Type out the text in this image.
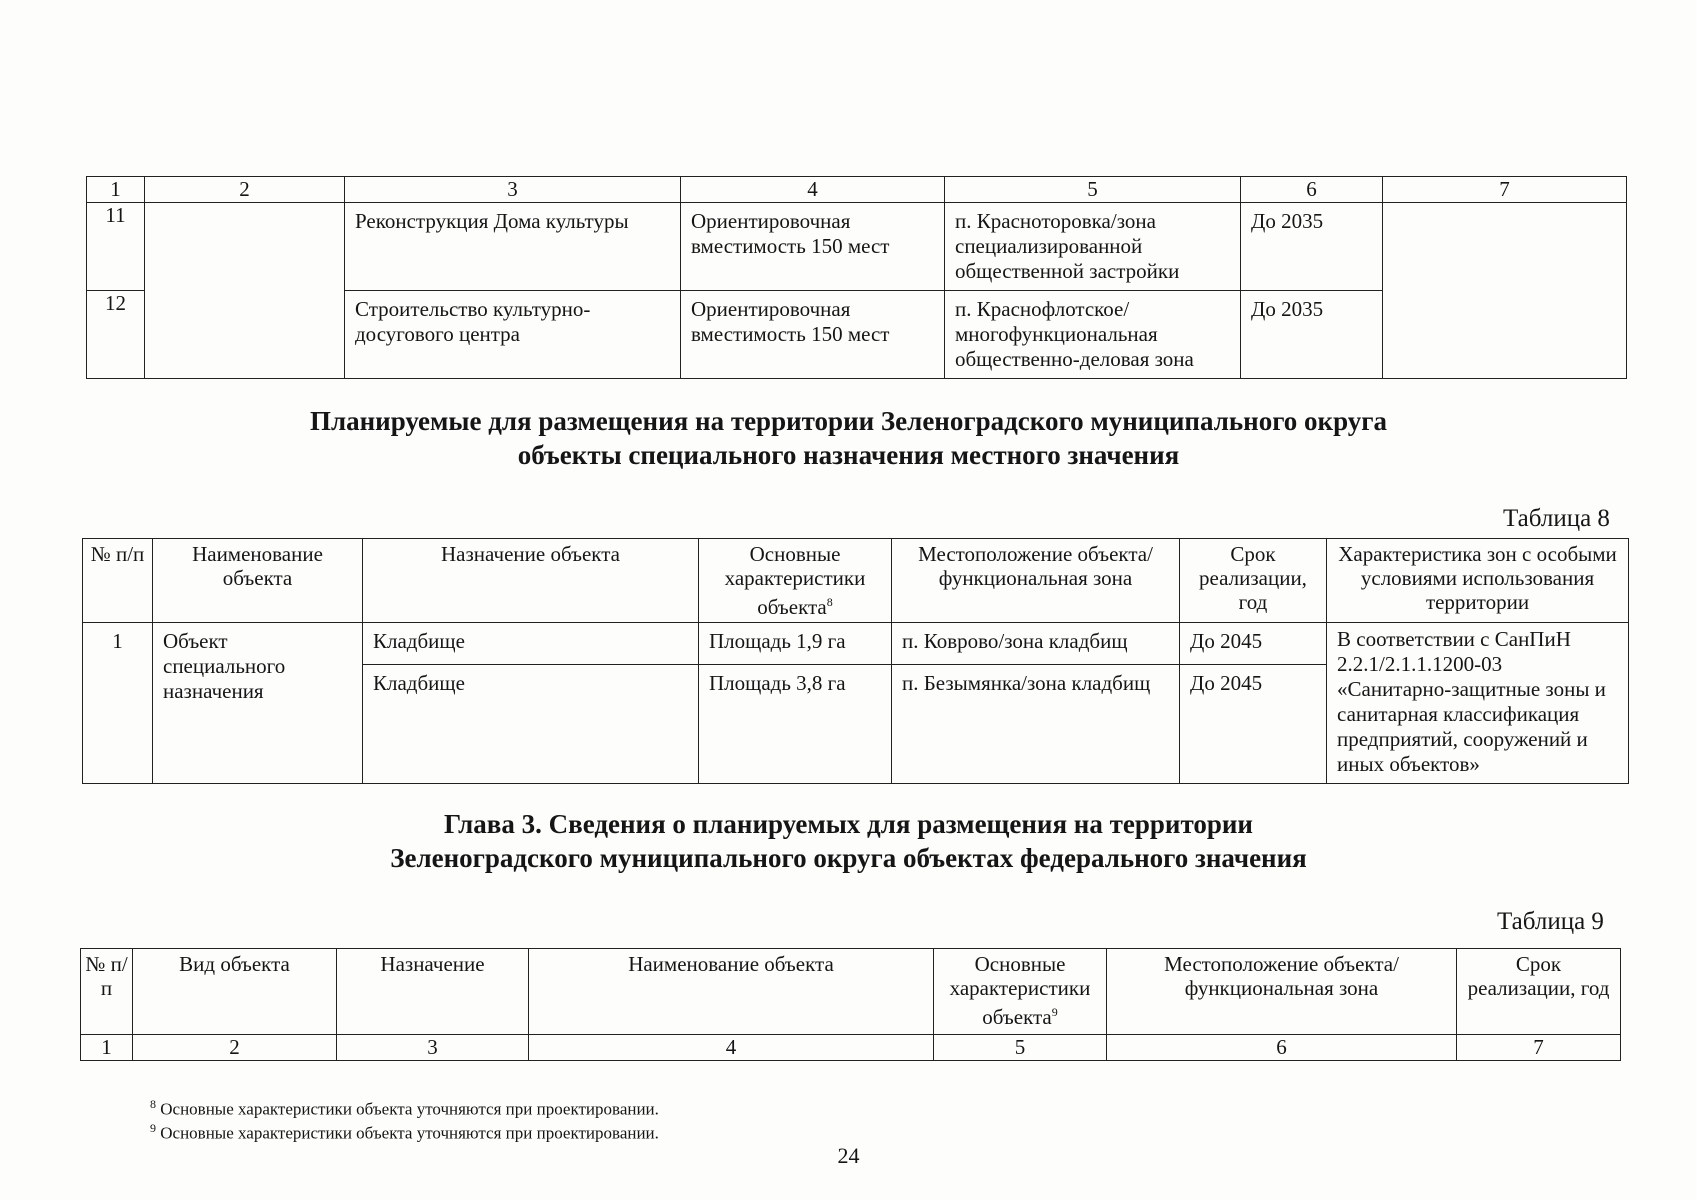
1	2	3	4	5	6	7
11		Реконструкция Дома культуры	Ориентировочная вместимость 150 мест	п. Красноторовка/зона специализированной общественной застройки	До 2035	
12		Строительство культурно-досугового центра	Ориентировочная вместимость 150 мест	п. Краснофлотское/ многофункциональная общественно-деловая зона	До 2035	
Планируемые для размещения на территории Зеленоградского муниципального округа
объекты специального назначения местного значения
Таблица 8
№ п/п	Наименование объекта	Назначение объекта	Основные характеристики объекта$^8$	Местоположение объекта/функциональная зона	Срок реализации, год	Характеристика зон с особыми условиями использования территории
1	Объект специального назначения	Кладбище	Площадь 1,9 га	п. Коврово/зона кладбищ	До 2045	В соответствии с СанПиН 2.2.1/2.1.1.1200-03 «Санитарно-защитные зоны и санитарная классификация предприятий, сооружений и иных объектов»
		Кладбище	Площадь 3,8 га	п. Безымянка/зона кладбищ	До 2045	
Глава 3. Сведения о планируемых для размещения на территории
Зеленоградского муниципального округа объектах федерального значения
Таблица 9
№ п/п	Вид объекта	Назначение	Наименование объекта	Основные характеристики объекта$^9$	Местоположение объекта/функциональная зона	Срок реализации, год
1	2	3	4	5	6	7
$^8$ Основные характеристики объекта уточняются при проектировании.
$^9$ Основные характеристики объекта уточняются при проектировании.
24
